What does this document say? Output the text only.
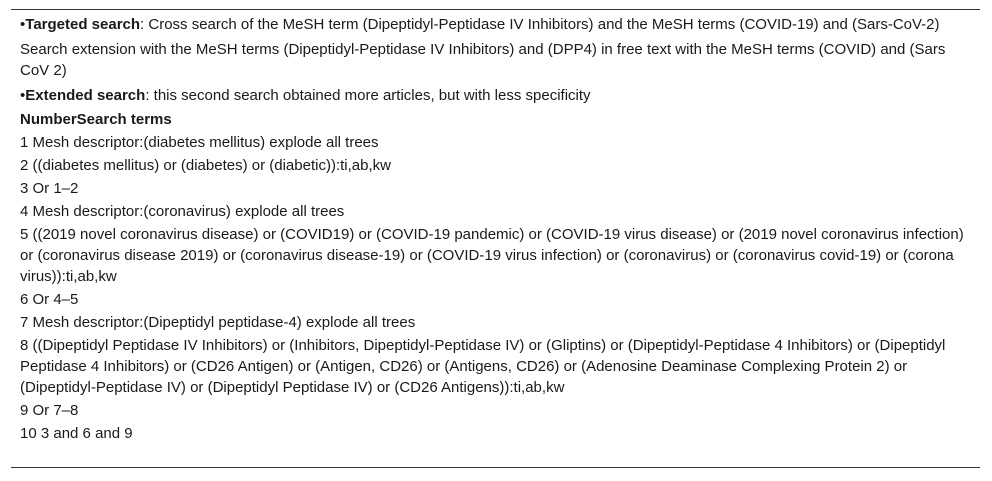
•Targeted search: Cross search of the MeSH term (Dipeptidyl-Peptidase IV Inhibitors) and the MeSH terms (COVID-19) and (Sars-CoV-2)

Search extension with the MeSH terms (Dipeptidyl-Peptidase IV Inhibitors) and (DPP4) in free text with the MeSH terms (COVID) and (Sars CoV 2)

•Extended search: this second search obtained more articles, but with less specificity

NumberSearch terms

1 Mesh descriptor:(diabetes mellitus) explode all trees

2 ((diabetes mellitus) or (diabetes) or (diabetic)):ti,ab,kw

3 Or 1–2

4 Mesh descriptor:(coronavirus) explode all trees

5 ((2019 novel coronavirus disease) or (COVID19) or (COVID-19 pandemic) or (COVID-19 virus disease) or (2019 novel coronavirus infection) or (coronavirus disease 2019) or (coronavirus disease-19) or (COVID-19 virus infection) or (coronavirus) or (coronavirus covid-19) or (corona virus)):ti,ab,kw

6 Or 4–5

7 Mesh descriptor:(Dipeptidyl peptidase-4) explode all trees

8 ((Dipeptidyl Peptidase IV Inhibitors) or (Inhibitors, Dipeptidyl-Peptidase IV) or (Gliptins) or (Dipeptidyl-Peptidase 4 Inhibitors) or (Dipeptidyl Peptidase 4 Inhibitors) or (CD26 Antigen) or (Antigen, CD26) or (Antigens, CD26) or (Adenosine Deaminase Complexing Protein 2) or (Dipeptidyl-Peptidase IV) or (Dipeptidyl Peptidase IV) or (CD26 Antigens)):ti,ab,kw

9 Or 7–8

10 3 and 6 and 9
